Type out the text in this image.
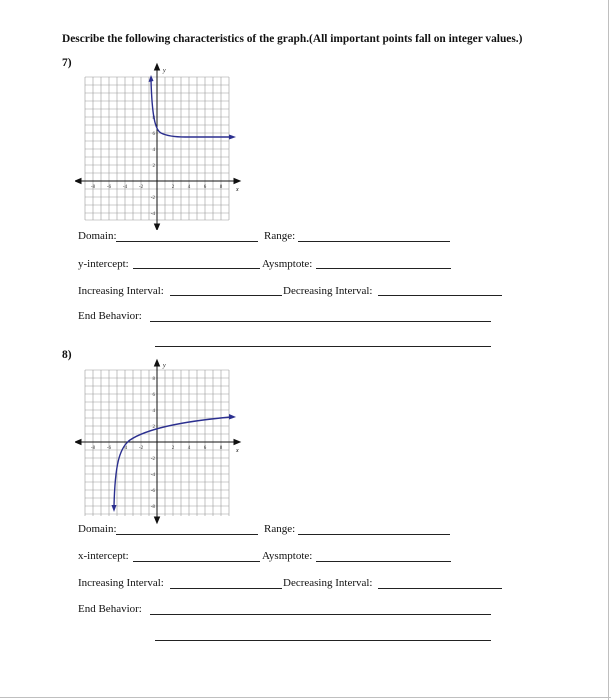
Describe the following characteristics of the graph.(All important points fall on integer values.)
7)
y
x
-8 -6 -4 -2	2	4	6	8
8
6
4
2
-2
-4
Domain:	Range:
y-intercept:	Aysmptote:
Increasing Interval:	Decreasing Interval:
End Behavior:
8)
y
x
-8 -6 -4 -2	2	4	6	8
8
6
4
2
-2
-4
-6
-8
Domain:	Range:
x-intercept:	Aysmptote:
Increasing Interval:	Decreasing Interval:
End Behavior:
